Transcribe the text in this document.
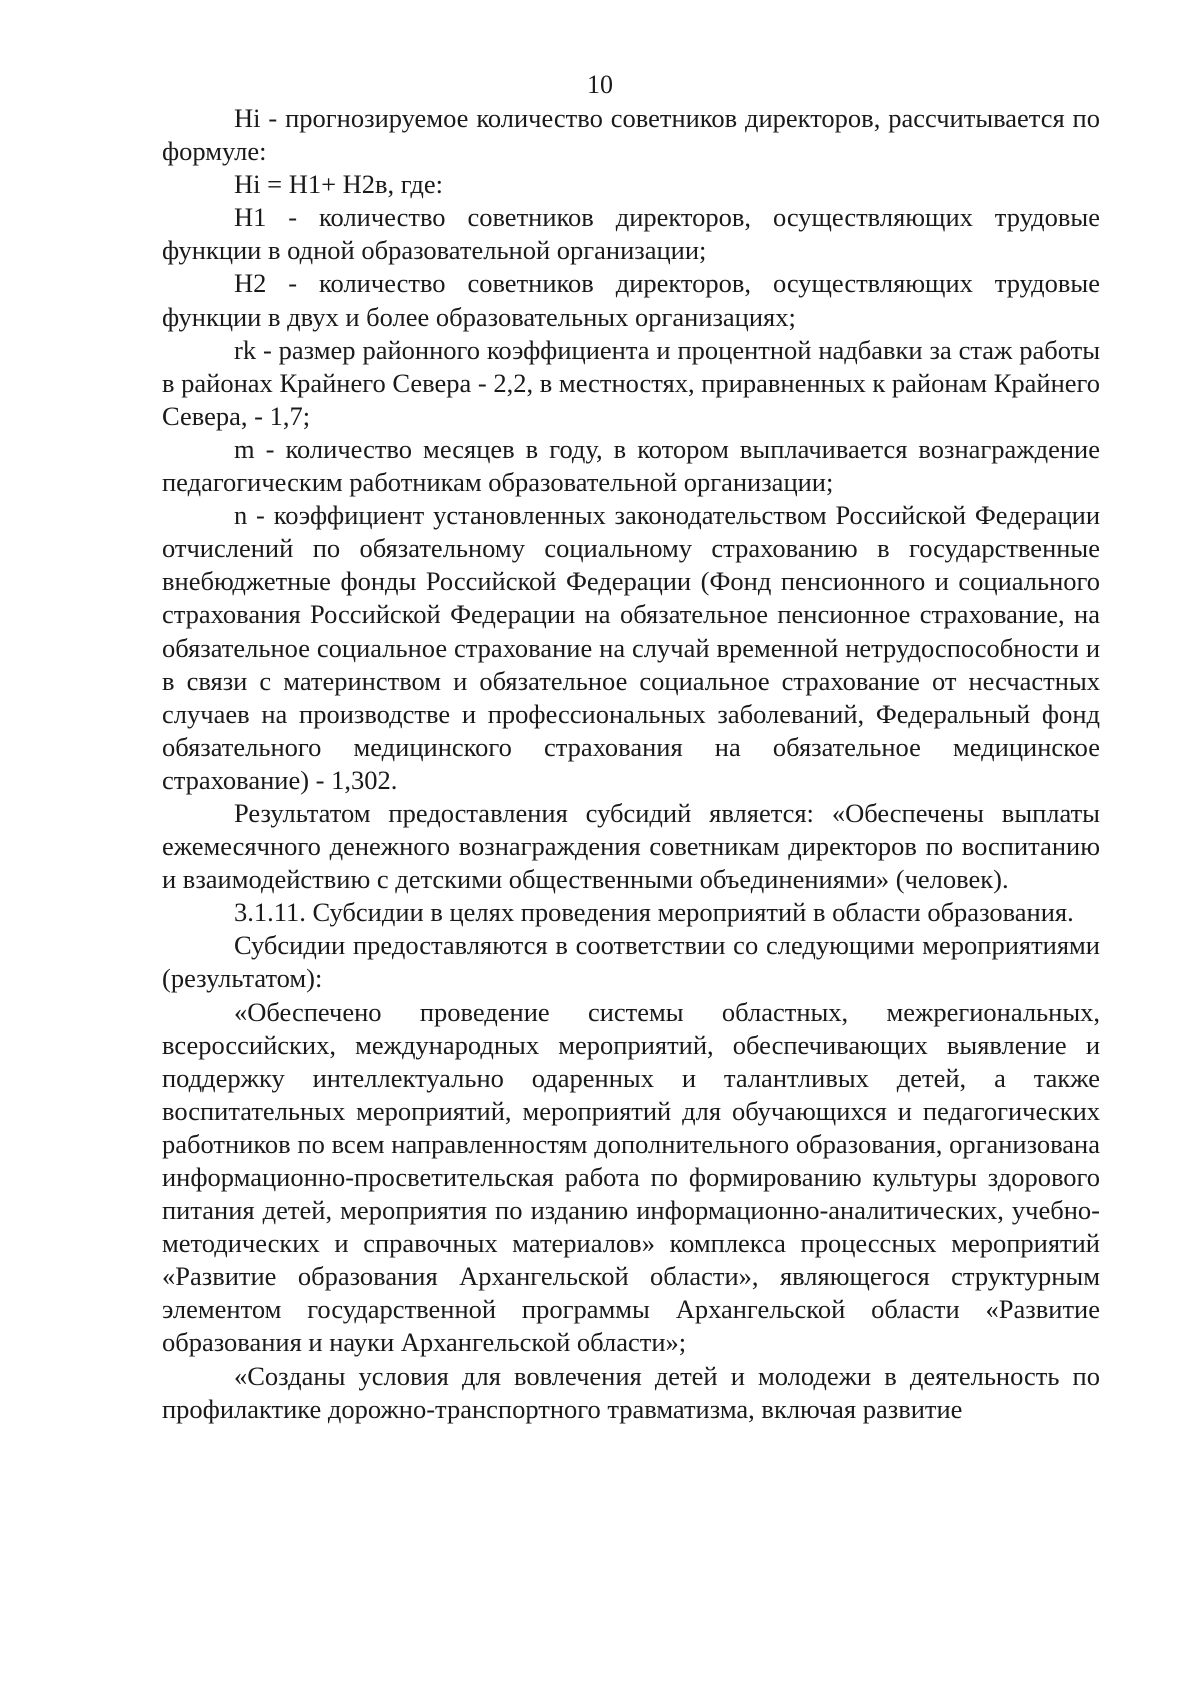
10

Hi - прогнозируемое количество советников директоров, рассчитывается по формуле:

Hi = H1+ H2в, где:

H1 - количество советников директоров, осуществляющих трудовые функции в одной образовательной организации;

H2 - количество советников директоров, осуществляющих трудовые функции в двух и более образовательных организациях;

rk - размер районного коэффициента и процентной надбавки за стаж работы в районах Крайнего Севера - 2,2, в местностях, приравненных к районам Крайнего Севера, - 1,7;

m - количество месяцев в году, в котором выплачивается вознаграждение педагогическим работникам образовательной организации;

n - коэффициент установленных законодательством Российской Федерации отчислений по обязательному социальному страхованию в государственные внебюджетные фонды Российской Федерации (Фонд пенсионного и социального страхования Российской Федерации на обязательное пенсионное страхование, на обязательное социальное страхование на случай временной нетрудоспособности и в связи с материнством и обязательное социальное страхование от несчастных случаев на производстве и профессиональных заболеваний, Федеральный фонд обязательного медицинского страхования на обязательное медицинское страхование) - 1,302.

Результатом предоставления субсидий является: «Обеспечены выплаты ежемесячного денежного вознаграждения советникам директоров по воспитанию и взаимодействию с детскими общественными объединениями» (человек).

3.1.11. Субсидии в целях проведения мероприятий в области образования.

Субсидии предоставляются в соответствии со следующими мероприятиями (результатом):

«Обеспечено проведение системы областных, межрегиональных, всероссийских, международных мероприятий, обеспечивающих выявление и поддержку интеллектуально одаренных и талантливых детей, а также воспитательных мероприятий, мероприятий для обучающихся и педагогических работников по всем направленностям дополнительного образования, организована информационно-просветительская работа по формированию культуры здорового питания детей, мероприятия по изданию информационно-аналитических, учебно-методических и справочных материалов» комплекса процессных мероприятий «Развитие образования Архангельской области», являющегося структурным элементом государственной программы Архангельской области «Развитие образования и науки Архангельской области»;

«Созданы условия для вовлечения детей и молодежи в деятельность по профилактике дорожно-транспортного травматизма, включая развитие
